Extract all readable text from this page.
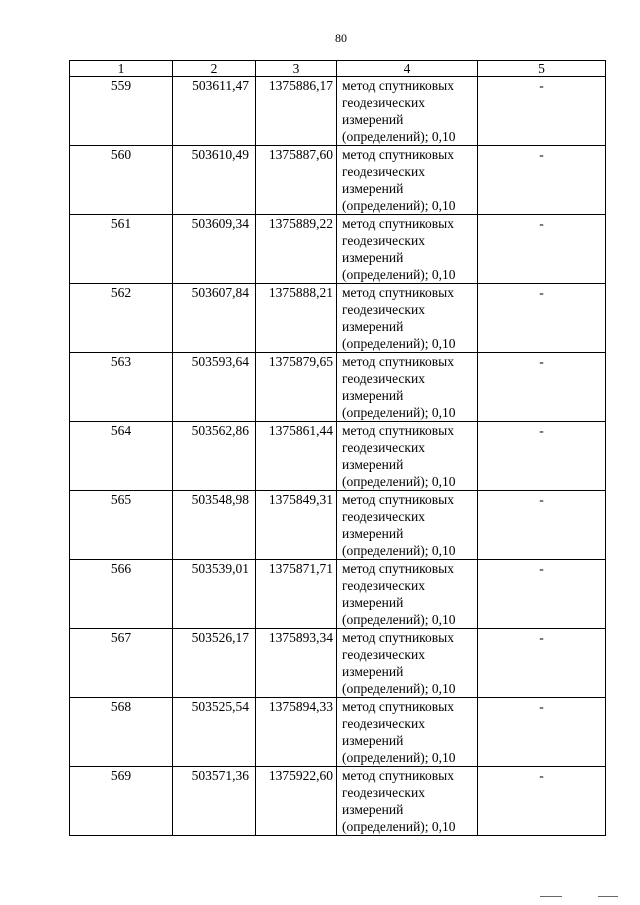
80
1	2	3	4	5
559	503611,47	1375886,17	метод спутниковых
геодезических
измерений
(определений); 0,10	-
560	503610,49	1375887,60	метод спутниковых
геодезических
измерений
(определений); 0,10	-
561	503609,34	1375889,22	метод спутниковых
геодезических
измерений
(определений); 0,10	-
562	503607,84	1375888,21	метод спутниковых
геодезических
измерений
(определений); 0,10	-
563	503593,64	1375879,65	метод спутниковых
геодезических
измерений
(определений); 0,10	-
564	503562,86	1375861,44	метод спутниковых
геодезических
измерений
(определений); 0,10	-
565	503548,98	1375849,31	метод спутниковых
геодезических
измерений
(определений); 0,10	-
566	503539,01	1375871,71	метод спутниковых
геодезических
измерений
(определений); 0,10	-
567	503526,17	1375893,34	метод спутниковых
геодезических
измерений
(определений); 0,10	-
568	503525,54	1375894,33	метод спутниковых
геодезических
измерений
(определений); 0,10	-
569	503571,36	1375922,60	метод спутниковых
геодезических
измерений
(определений); 0,10	-
